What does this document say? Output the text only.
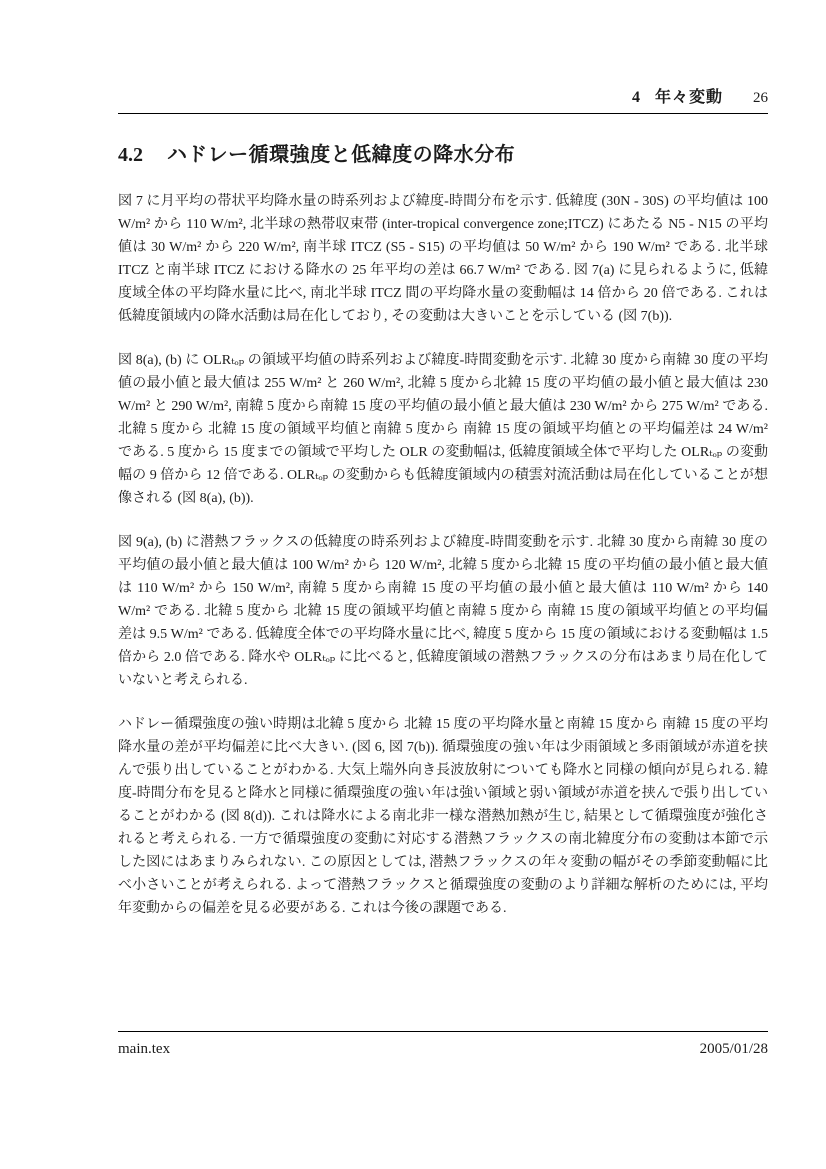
4 年々変動 26
4.2 ハドレー循環強度と低緯度の降水分布

図 7 に月平均の帯状平均降水量の時系列および緯度-時間分布を示す. 低緯度 (30N - 30S) の平均値は 100 W/m² から 110 W/m², 北半球の熱帯収束帯 (inter-tropical convergence zone;ITCZ) にあたる N5 - N15 の平均値は 30 W/m² から 220 W/m², 南半球 ITCZ (S5 - S15) の平均値は 50 W/m² から 190 W/m² である. 北半球 ITCZ と南半球 ITCZ における降水の 25 年平均の差は 66.7 W/m² である. 図 7(a) に見られるように, 低緯度域全体の平均降水量に比べ, 南北半球 ITCZ 間の平均降水量の変動幅は 14 倍から 20 倍である. これは低緯度領域内の降水活動は局在化しており, その変動は大きいことを示している (図 7(b)).

図 8(a), (b) に OLRₜₒₚ の領域平均値の時系列および緯度-時間変動を示す. 北緯 30 度から南緯 30 度の平均値の最小値と最大値は 255 W/m² と 260 W/m², 北緯 5 度から北緯 15 度の平均値の最小値と最大値は 230 W/m² と 290 W/m², 南緯 5 度から南緯 15 度の平均値の最小値と最大値は 230 W/m² から 275 W/m² である. 北緯 5 度から 北緯 15 度の領域平均値と南緯 5 度から 南緯 15 度の領域平均値との平均偏差は 24 W/m² である. 5 度から 15 度までの領域で平均した OLR の変動幅は, 低緯度領域全体で平均した OLRₜₒₚ の変動幅の 9 倍から 12 倍である. OLRₜₒₚ の変動からも低緯度領域内の積雲対流活動は局在化していることが想像される (図 8(a), (b)).

図 9(a), (b) に潜熱フラックスの低緯度の時系列および緯度-時間変動を示す. 北緯 30 度から南緯 30 度の平均値の最小値と最大値は 100 W/m² から 120 W/m², 北緯 5 度から北緯 15 度の平均値の最小値と最大値は 110 W/m² から 150 W/m², 南緯 5 度から南緯 15 度の平均値の最小値と最大値は 110 W/m² から 140 W/m² である. 北緯 5 度から 北緯 15 度の領域平均値と南緯 5 度から 南緯 15 度の領域平均値との平均偏差は 9.5 W/m² である. 低緯度全体での平均降水量に比べ, 緯度 5 度から 15 度の領域における変動幅は 1.5 倍から 2.0 倍である. 降水や OLRₜₒₚ に比べると, 低緯度領域の潜熱フラックスの分布はあまり局在化していないと考えられる.

ハドレー循環強度の強い時期は北緯 5 度から 北緯 15 度の平均降水量と南緯 15 度から 南緯 15 度の平均降水量の差が平均偏差に比べ大きい. (図 6, 図 7(b)). 循環強度の強い年は少雨領域と多雨領域が赤道を挟んで張り出していることがわかる. 大気上端外向き長波放射についても降水と同様の傾向が見られる. 緯度-時間分布を見ると降水と同様に循環強度の強い年は強い領域と弱い領域が赤道を挟んで張り出していることがわかる (図 8(d)). これは降水による南北非一様な潜熱加熱が生じ, 結果として循環強度が強化されると考えられる. 一方で循環強度の変動に対応する潜熱フラックスの南北緯度分布の変動は本節で示した図にはあまりみられない. この原因としては, 潜熱フラックスの年々変動の幅がその季節変動幅に比べ小さいことが考えられる. よって潜熱フラックスと循環強度の変動のより詳細な解析のためには, 平均年変動からの偏差を見る必要がある. これは今後の課題である.

main.tex	2005/01/28
